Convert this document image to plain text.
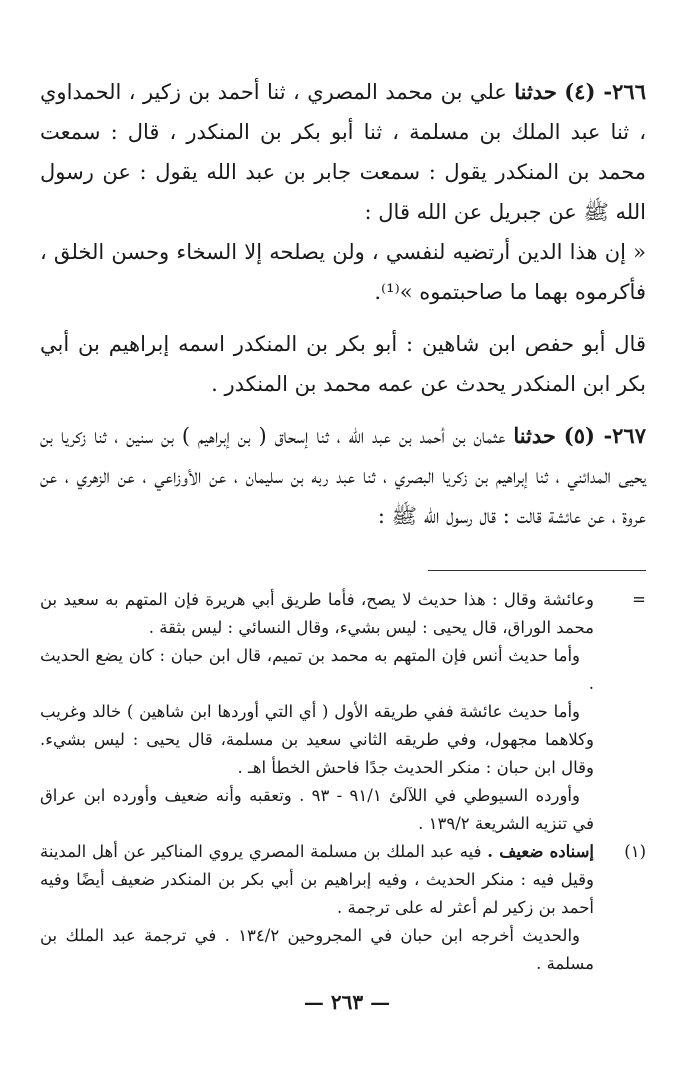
٢٦٦- (٤) حدثنا علي بن محمد المصري ، ثنا أحمد بن زكير ، الحمداوي ، ثنا عبد الملك بن مسلمة ، ثنا أبو بكر بن المنكدر ، قال : سمعت محمد بن المنكدر يقول : سمعت جابر بن عبد الله يقول : عن رسول الله ﷺ عن جبريل عن الله قال :

« إن هذا الدين أرتضيه لنفسي ، ولن يصلحه إلا السخاء وحسن الخلق ، فأكرموه بهما ما صاحبتموه »⁽¹⁾.

قال أبو حفص ابن شاهين : أبو بكر بن المنكدر اسمه إبراهيم بن أبي بكر ابن المنكدر يحدث عن عمه محمد بن المنكدر .

٢٦٧- (٥) حدثنا عثمان بن أحمد بن عبد الله ، ثنا إسحاق ( بن إبراهيم ) بن سنين ، ثنا زكريا بن يحيى المدائني ، ثنا إبراهيم بن زكريا البصري ، ثنا عبد ربه بن سليمان ، عن الأوزاعي ، عن الزهري ، عن عروة ، عن عائشة قالت : قال رسول الله ﷺ :

=

وعائشة وقال : هذا حديث لا يصح، فأما طريق أبي هريرة فإن المتهم به سعيد بن محمد الوراق، قال يحيى : ليس بشيء، وقال النسائي : ليس بثقة .

وأما حديث أنس فإن المتهم به محمد بن تميم، قال ابن حبان : كان يضع الحديث .

وأما حديث عائشة ففي طريقه الأول ( أي التي أوردها ابن شاهين ) خالد وغريب وكلاهما مجهول، وفي طريقه الثاني سعيد بن مسلمة، قال يحيى : ليس بشيء. وقال ابن حبان : منكر الحديث جدًا فاحش الخطأ اهـ .

وأورده السيوطي في اللآلئ ٩١/١ - ٩٣ . وتعقبه وأنه ضعيف وأورده ابن عراق في تنزيه الشريعة ١٣٩/٢ .

(١)

إسناده ضعيف . فيه عبد الملك بن مسلمة المصري يروي المناكير عن أهل المدينة وقيل فيه : منكر الحديث ، وفيه إبراهيم بن أبي بكر بن المنكدر ضعيف أيضًا وفيه أحمد بن زكير لم أعثر له على ترجمة .

والحديث أخرجه ابن حبان في المجروحين ١٣٤/٢ . في ترجمة عبد الملك بن مسلمة .

— ٢٦٣ —
